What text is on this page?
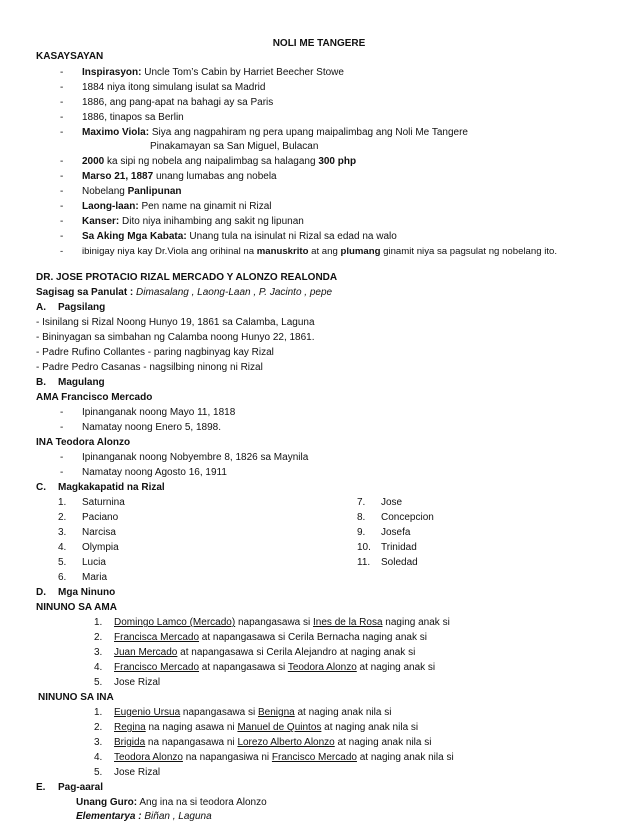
NOLI ME TANGERE
KASAYSAYAN
- Inspirasyon: Uncle Tom’s Cabin by Harriet Beecher Stowe
- 1884 niya itong simulang isulat sa Madrid
- 1886, ang pang-apat na bahagi ay sa Paris
- 1886, tinapos sa Berlin
- Maximo Viola: Siya ang nagpahiram ng pera upang maipalimbag ang Noli Me Tangere
Pinakamayan sa San Miguel, Bulacan
- 2000 ka sipi ng nobela ang naipalimbag sa halagang 300 php
- Marso 21, 1887 unang lumabas ang nobela
- Nobelang Panlipunan
- Laong-laan: Pen name na ginamit ni Rizal
- Kanser: Dito niya inihambing ang sakit ng lipunan
- Sa Aking Mga Kabata: Unang tula na isinulat ni Rizal sa edad na walo
- ibinigay niya kay Dr.Viola ang orihinal na manuskrito at ang plumang ginamit niya sa pagsulat ng nobelang ito.
DR. JOSE PROTACIO RIZAL MERCADO Y ALONZO REALONDA
Sagisag sa Panulat : Dimasalang , Laong-Laan , P. Jacinto , pepe
A. Pagsilang
- Isinilang si Rizal Noong Hunyo 19, 1861 sa Calamba, Laguna
- Bininyagan sa simbahan ng Calamba noong Hunyo 22, 1861.
- Padre Rufino Collantes - paring nagbinyag kay Rizal
- Padre Pedro Casanas - nagsilbing ninong ni Rizal
B. Magulang
AMA Francisco Mercado
- Ipinanganak noong Mayo 11, 1818
- Namatay noong Enero 5, 1898.
INA Teodora Alonzo
- Ipinanganak noong Nobyembre 8, 1826 sa Maynila
- Namatay noong Agosto 16, 1911
C. Magkakapatid na Rizal
1. Saturnina
2. Paciano
3. Narcisa
4. Olympia
5. Lucia
6. Maria
7. Jose
8. Concepcion
9. Josefa
10. Trinidad
11. Soledad
D. Mga Ninuno
NINUNO SA AMA
1. Domingo Lamco (Mercado) napangasawa si Ines de la Rosa naging anak si
2. Francisca Mercado at napangasawa si Cerila Bernacha naging anak si
3. Juan Mercado at napangasawa si Cerila Alejandro at naging anak si
4. Francisco Mercado at napangasawa si Teodora Alonzo at naging anak si
5. Jose Rizal
NINUNO SA INA
1. Eugenio Ursua napangasawa si Benigna at naging anak nila si
2. Regina na naging asawa ni Manuel de Quintos at naging anak nila si
3. Brigida na napangasawa ni Lorezo Alberto Alonzo at naging anak nila si
4. Teodora Alonzo na napangasiwa ni Francisco Mercado at naging anak nila si
5. Jose Rizal
E. Pag-aaral
Unang Guro: Ang ina na si teodora Alonzo
Elementarya : Biñan , Laguna
